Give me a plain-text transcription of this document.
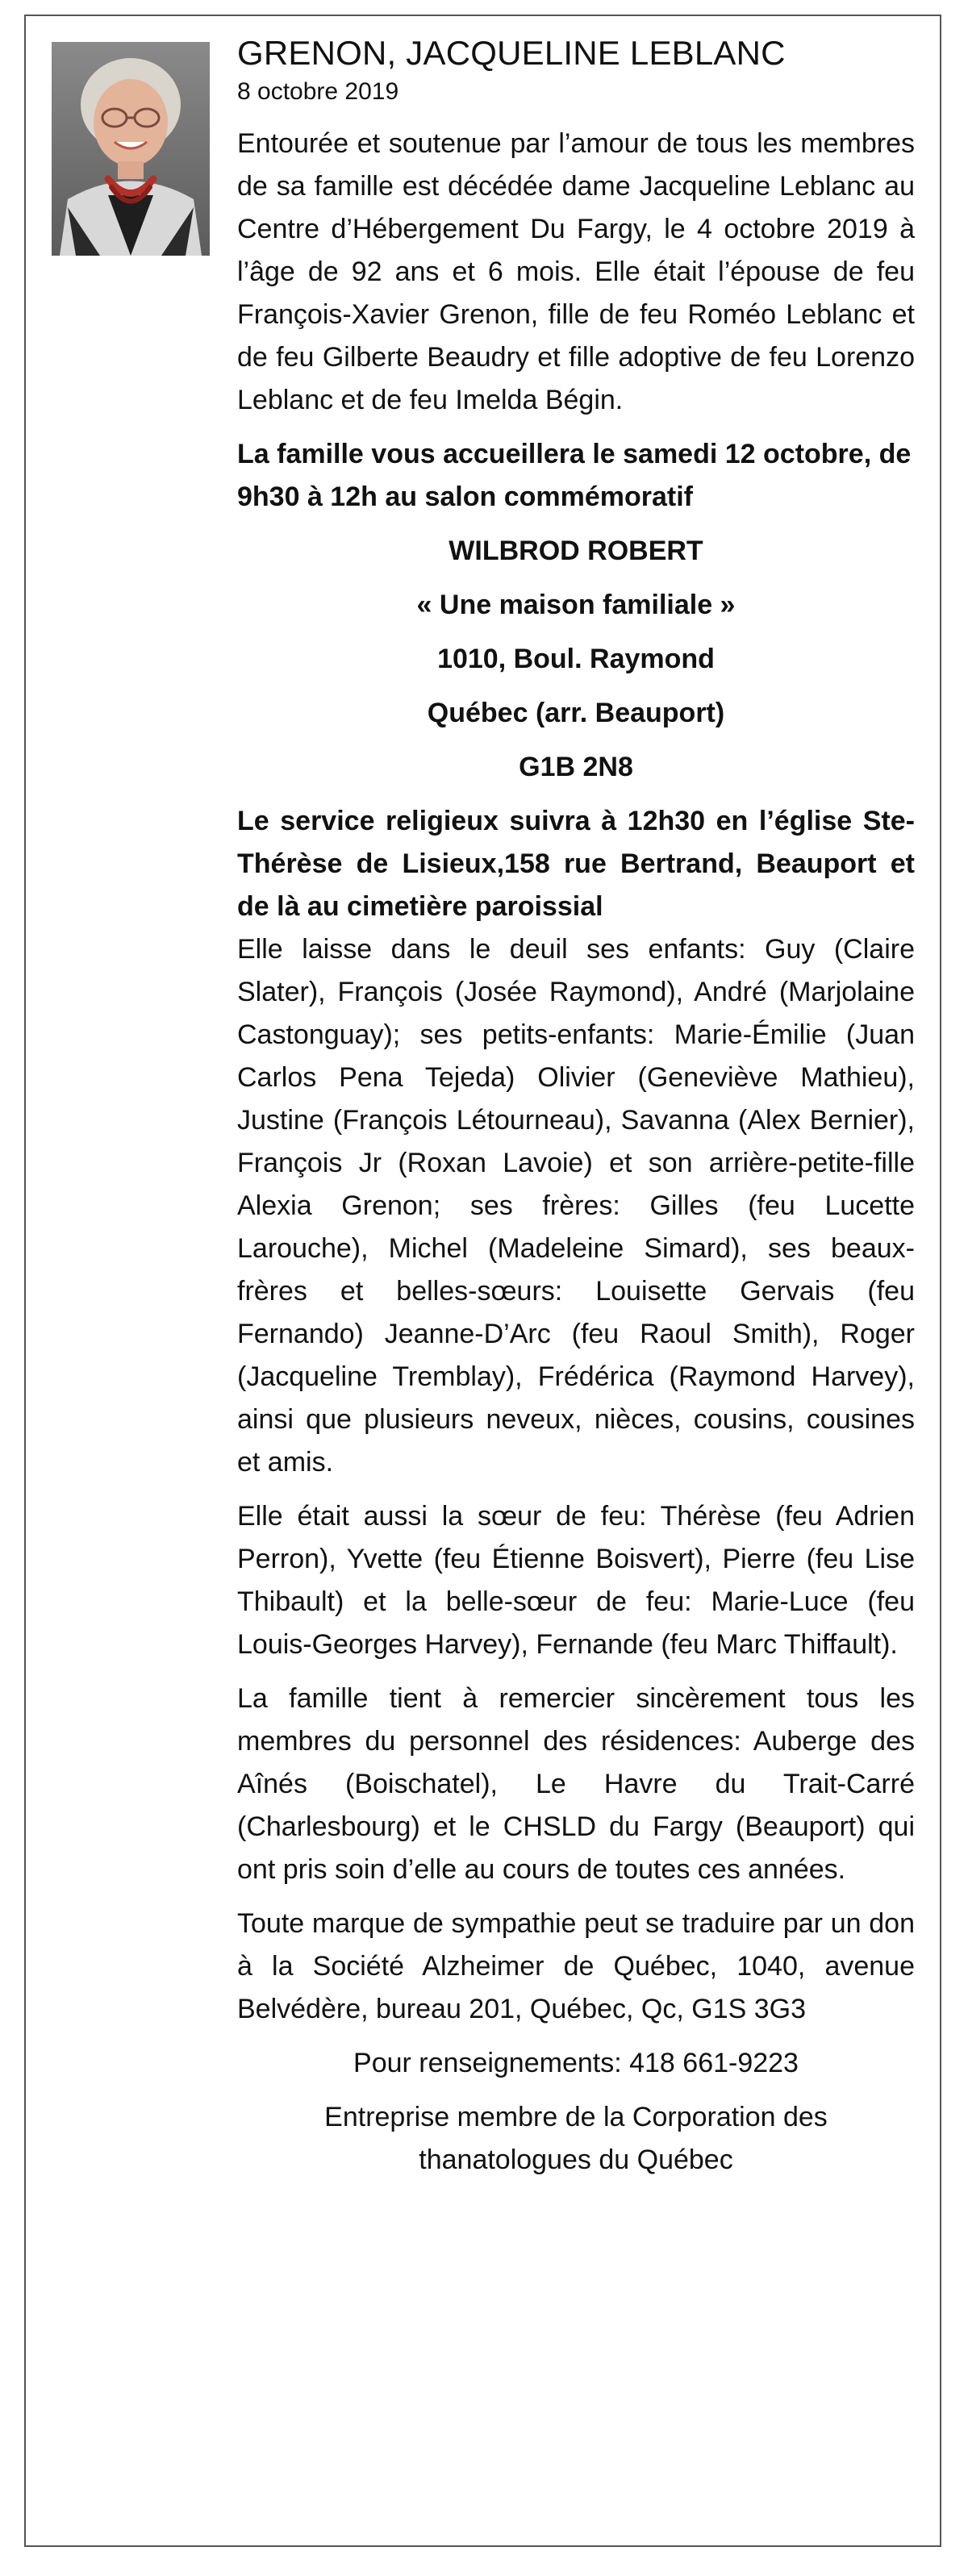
GRENON, JACQUELINE LEBLANC

8 octobre 2019

Entourée et soutenue par l’amour de tous les membres de sa famille est décédée dame Jacqueline Leblanc au Centre d’Hébergement Du Fargy, le 4 octobre 2019 à l’âge de 92 ans et 6 mois. Elle était l’épouse de feu François-Xavier Grenon, fille de feu Roméo Leblanc et de feu Gilberte Beaudry et fille adoptive de feu Lorenzo Leblanc et de feu Imelda Bégin.

La famille vous accueillera le samedi 12 octobre, de 9h30 à 12h au salon commémoratif

WILBROD ROBERT

« Une maison familiale »

1010, Boul. Raymond

Québec (arr. Beauport)

G1B 2N8

Le service religieux suivra à 12h30 en l’église Ste-Thérèse de Lisieux,158 rue Bertrand, Beauport et de là au cimetière paroissial

Elle laisse dans le deuil ses enfants: Guy (Claire Slater), François (Josée Raymond), André (Marjolaine Castonguay); ses petits-enfants: Marie-Émilie (Juan Carlos Pena Tejeda) Olivier (Geneviève Mathieu), Justine (François Létourneau), Savanna (Alex Bernier), François Jr (Roxan Lavoie) et son arrière-petite-fille Alexia Grenon; ses frères: Gilles (feu Lucette Larouche), Michel (Madeleine Simard), ses beaux-frères et belles-sœurs: Louisette Gervais (feu Fernando) Jeanne-D’Arc (feu Raoul Smith), Roger (Jacqueline Tremblay), Frédérica (Raymond Harvey), ainsi que plusieurs neveux, nièces, cousins, cousines et amis.

Elle était aussi la sœur de feu: Thérèse (feu Adrien Perron), Yvette (feu Étienne Boisvert), Pierre (feu Lise Thibault) et la belle-sœur de feu: Marie-Luce (feu Louis-Georges Harvey), Fernande (feu Marc Thiffault).

La famille tient à remercier sincèrement tous les membres du personnel des résidences: Auberge des Aînés (Boischatel), Le Havre du Trait-Carré (Charlesbourg) et le CHSLD du Fargy (Beauport) qui ont pris soin d’elle au cours de toutes ces années.

Toute marque de sympathie peut se traduire par un don à la Société Alzheimer de Québec, 1040, avenue Belvédère, bureau 201, Québec, Qc, G1S 3G3

Pour renseignements: 418 661-9223

Entreprise membre de la Corporation des thanatologues du Québec
